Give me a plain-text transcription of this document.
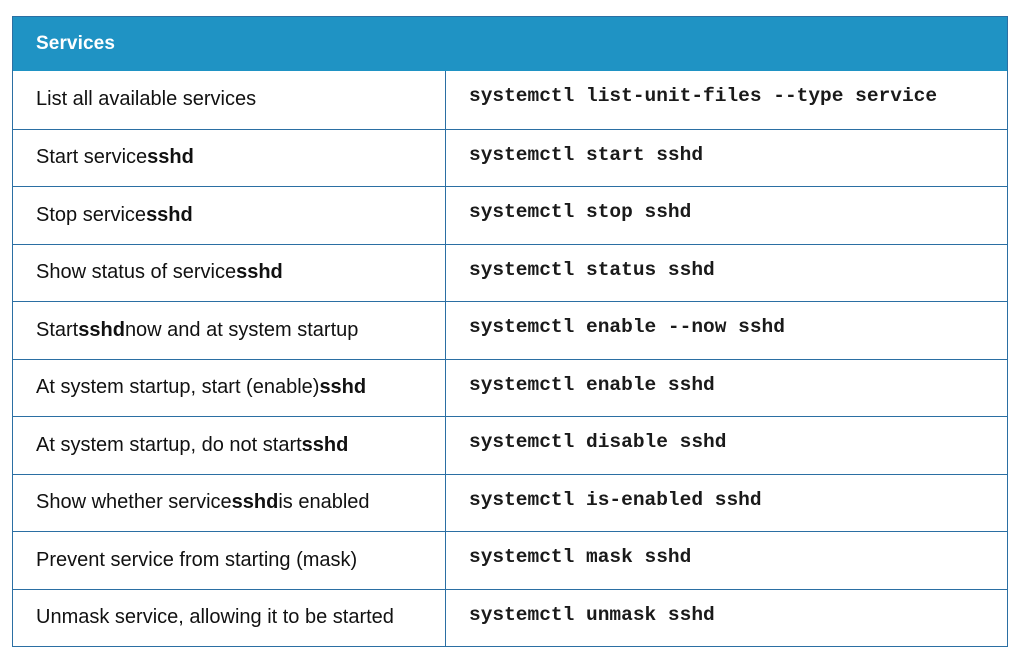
Services
List all available services	systemctl list-unit-files --type service
Start service sshd	systemctl start sshd
Stop service sshd	systemctl stop sshd
Show status of service sshd	systemctl status sshd
Start sshd now and at system startup	systemctl enable --now sshd
At system startup, start (enable) sshd	systemctl enable sshd
At system startup, do not start sshd	systemctl disable sshd
Show whether service sshd is enabled	systemctl is-enabled sshd
Prevent service from starting (mask)	systemctl mask sshd
Unmask service, allowing it to be started	systemctl unmask sshd
